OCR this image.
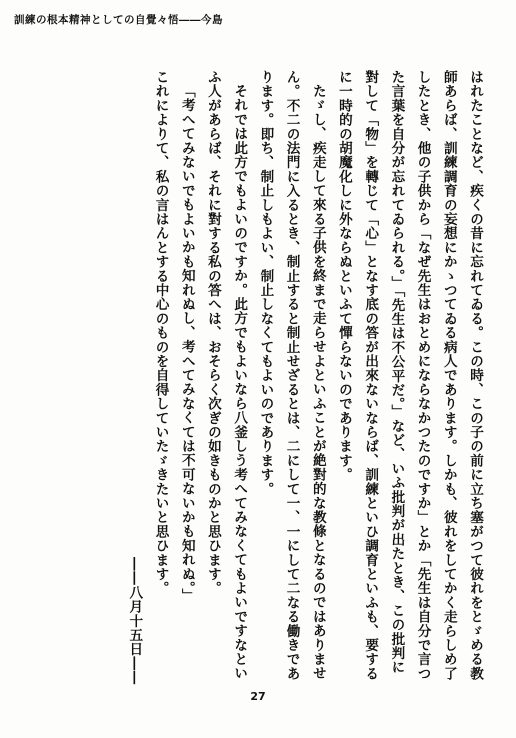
訓練の根本精神としての自覺々悟――今島

はれたことなど、疾くの昔に忘れてゐる。この時、この子の前に立ち塞がつて彼れをとゞめる教師あらば、訓練調育の妄想にかゝつてゐる病人であります。しかも、彼れをしてかく走らしめ了したとき、他の子供から「なぜ先生はおとめにならなかつたのですか」とか「先生は自分で言つた言葉を自分が忘れてゐられる。」「先生は不公平だ。」など、いふ批判が出たとき、この批判に對して「物」を轉じて「心」となす底の答が出來ないならば、訓練といひ調育といふも、要するに一時的の胡魔化しに外ならぬといふて憚らないのであります。

たゞし、疾走して來る子供を終まで走らせよといふことが絶對的な教條となるのではありません。不二の法門に入るとき、制止すると制止せざるとは、二にして一、一にして二なる働きであります。即ち、制止しもよい、制止しなくてもよいのであります。

それでは此方でもよいのですか。此方でもよいなら八釜しう考へてみなくてもよいですなといふ人があらば、それに對する私の答へは、おそらく次ぎの如きものかと思ひます。

「考へてみないでもよいかも知れぬし、考へてみなくては不可ないかも知れぬ。」

これによりて、私の言はんとする中心のものを自得していたゞきたいと思ひます。

――八月十五日――

27
